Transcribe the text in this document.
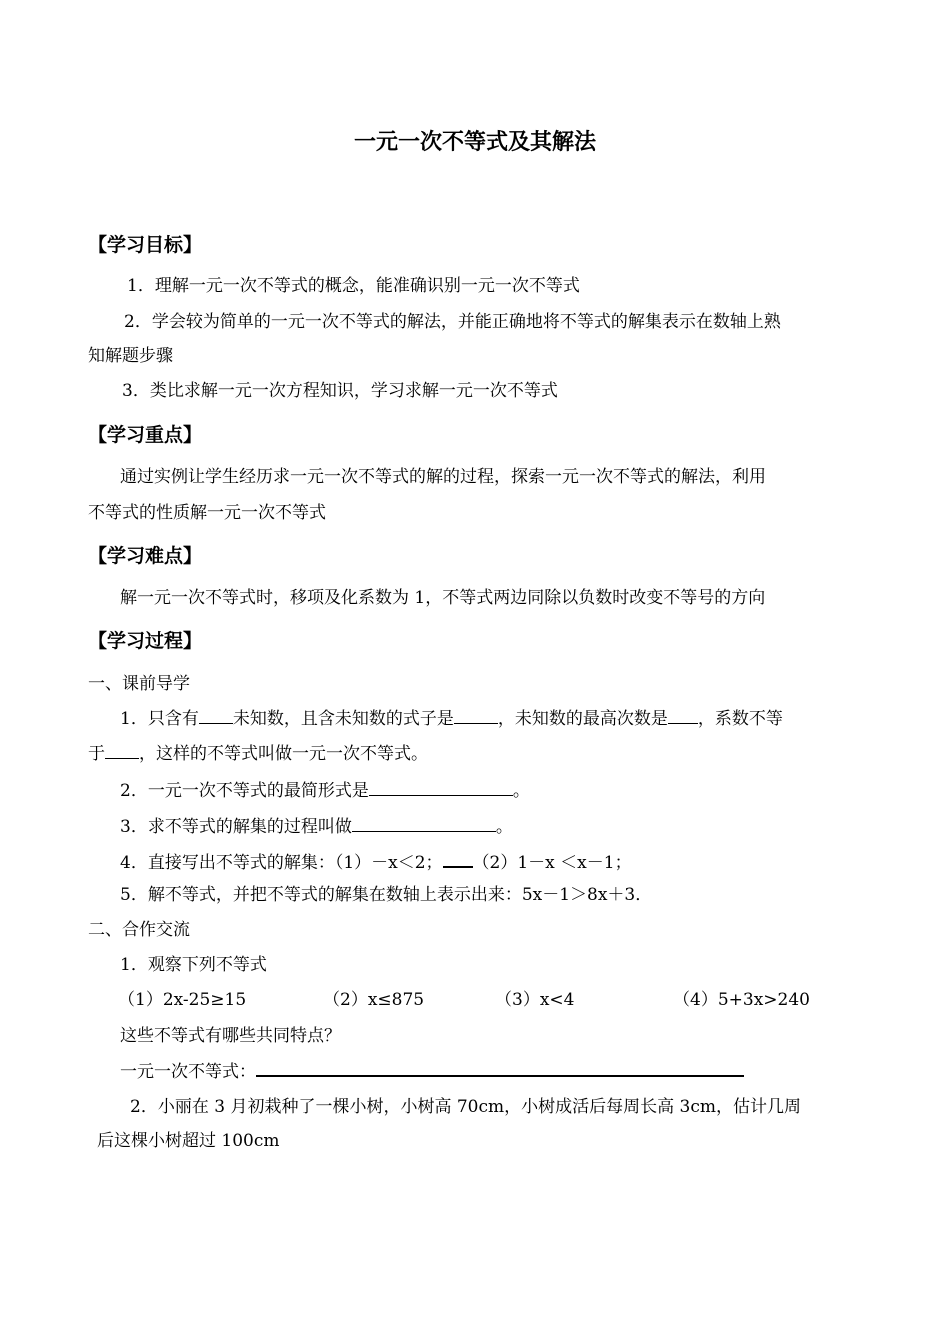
一元一次不等式及其解法
【学习目标】
1．理解一元一次不等式的概念，能准确识别一元一次不等式
2．学会较为简单的一元一次不等式的解法，并能正确地将不等式的解集表示在数轴上熟
知解题步骤
3．类比求解一元一次方程知识，学习求解一元一次不等式
【学习重点】
通过实例让学生经历求一元一次不等式的解的过程，探索一元一次不等式的解法，利用
不等式的性质解一元一次不等式
【学习难点】
解一元一次不等式时，移项及化系数为 1，不等式两边同除以负数时改变不等号的方向
【学习过程】
一、课前导学
1．只含有 未知数，且含未知数的式子是	，未知数的最高次数是 ，系数不等
于 ，这样的不等式叫做一元一次不等式。
2．一元一次不等式的最简形式是	。
3．求不等式的解集的过程叫做	。
4．直接写出不等式的解集：（1）－x＜2； （2）1－x ＜x－1；
5．解不等式，并把不等式的解集在数轴上表示出来：5x－1＞8x＋3．
二、合作交流
1．观察下列不等式
（1）2x-25≥15	（2）x≤875	（3）x<4	（4）5+3x>240
这些不等式有哪些共同特点？
一元一次不等式：
2．小丽在 3 月初栽种了一棵小树，小树高 70cm，小树成活后每周长高 3cm，估计几周
后这棵小树超过 100cm
